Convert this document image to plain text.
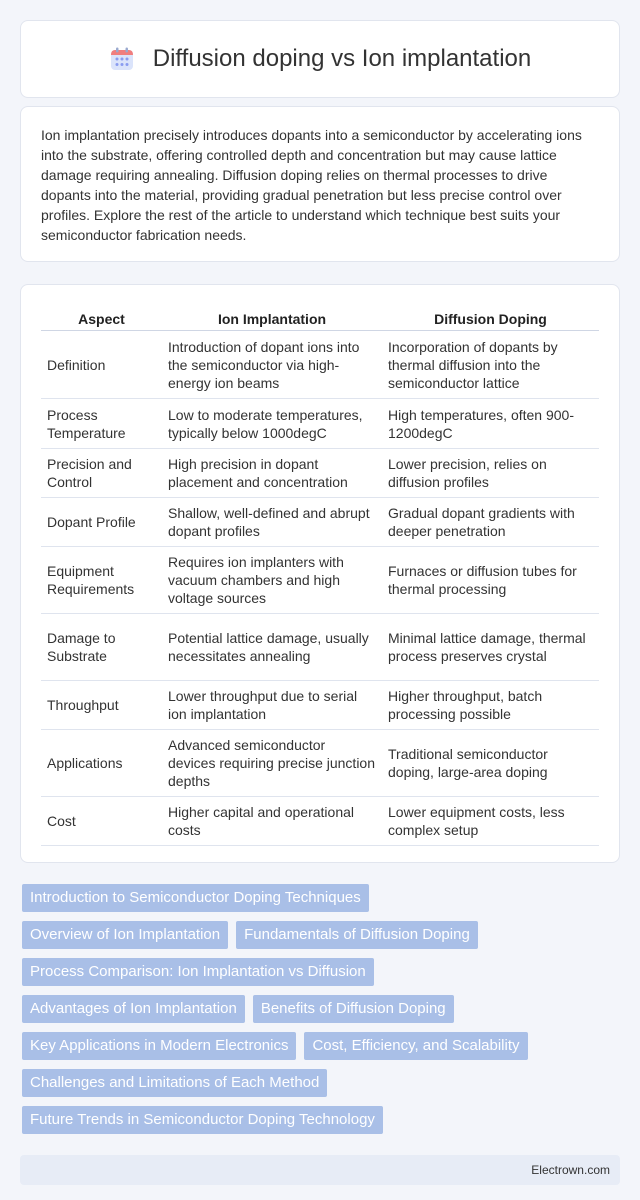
Diffusion doping vs Ion implantation

Ion implantation precisely introduces dopants into a semiconductor by accelerating ions into the substrate, offering controlled depth and concentration but may cause lattice damage requiring annealing. Diffusion doping relies on thermal processes to drive dopants into the material, providing gradual penetration but less precise control over profiles. Explore the rest of the article to understand which technique best suits your semiconductor fabrication needs.

Aspect	Ion Implantation	Diffusion Doping
Definition	Introduction of dopant ions into the semiconductor via high-energy ion beams	Incorporation of dopants by thermal diffusion into the semiconductor lattice
Process Temperature	Low to moderate temperatures, typically below 1000degC	High temperatures, often 900-1200degC
Precision and Control	High precision in dopant placement and concentration	Lower precision, relies on diffusion profiles
Dopant Profile	Shallow, well-defined and abrupt dopant profiles	Gradual dopant gradients with deeper penetration
Equipment Requirements	Requires ion implanters with vacuum chambers and high voltage sources	Furnaces or diffusion tubes for thermal processing
Damage to Substrate	Potential lattice damage, usually necessitates annealing	Minimal lattice damage, thermal process preserves crystal
Throughput	Lower throughput due to serial ion implantation	Higher throughput, batch processing possible
Applications	Advanced semiconductor devices requiring precise junction depths	Traditional semiconductor doping, large-area doping
Cost	Higher capital and operational costs	Lower equipment costs, less complex setup
Introduction to Semiconductor Doping Techniques
Overview of Ion Implantation	Fundamentals of Diffusion Doping
Process Comparison: Ion Implantation vs Diffusion
Advantages of Ion Implantation	Benefits of Diffusion Doping
Key Applications in Modern Electronics	Cost, Efficiency, and Scalability
Challenges and Limitations of Each Method
Future Trends in Semiconductor Doping Technology
Electrown.com
